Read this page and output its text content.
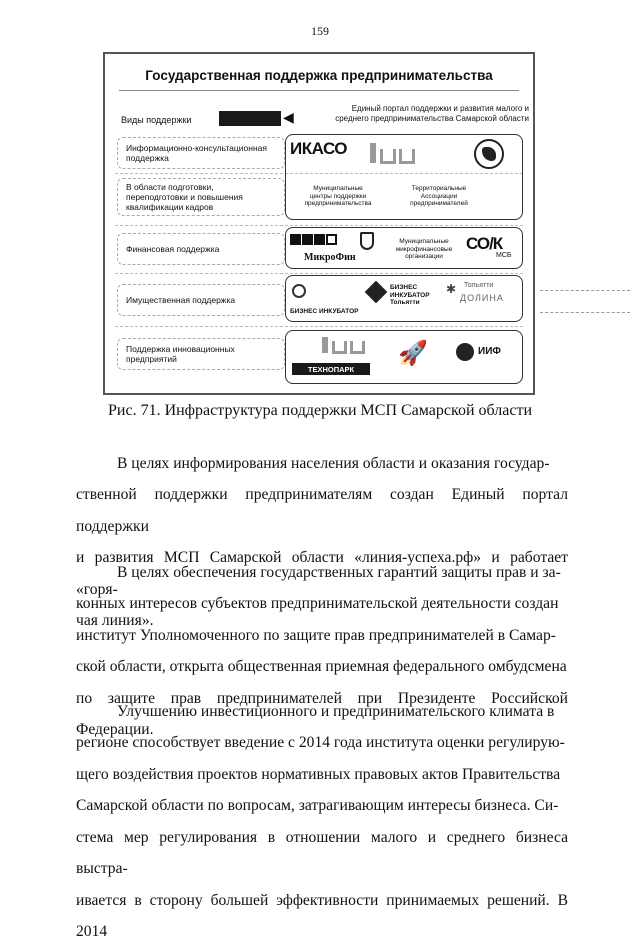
159
Государственная поддержка предпринимательства
Виды поддержки	◀
Единый портал поддержки и развития малого и
среднего предпринимательства Самарской области
Информационно-консультационная поддержка
В области подготовки, переподготовки и повышения квалификации кадров
ИКАСО
Муниципальные центры поддержки предпринимательства
Территориальные Ассоциации предпринимателей
Финансовая поддержка
МикроФин
Муниципальные микрофинансовые организации
СО/К
МСБ
Имущественная поддержка
БИЗНЕС ИНКУБАТОР
БИЗНЕС ИНКУБАТОР Тольятти
✱ Тольятти
ДОЛИНА
Поддержка инновационных предприятий
ТЕХНОПАРК
🚀	ИИФ
Рис. 71. Инфраструктура поддержки МСП Самарской области
В целях информирования населения области и оказания государ-
ственной поддержки предпринимателям создан Единый портал поддержки
и развития МСП Самарской области «линия-успеха.рф» и работает «горя-
чая линия».
В целях обеспечения государственных гарантий защиты прав и за-
конных интересов субъектов предпринимательской деятельности создан
институт Уполномоченного по защите прав предпринимателей в Самар-
ской области, открыта общественная приемная федерального омбудсмена
по защите прав предпринимателей при Президенте Российской Федерации.
Улучшению инвестиционного и предпринимательского климата в
регионе способствует введение с 2014 года института оценки регулирую-
щего воздействия проектов нормативных правовых актов Правительства
Самарской области по вопросам, затрагивающим интересы бизнеса. Си-
стема мер регулирования в отношении малого и среднего бизнеса выстра-
ивается в сторону большей эффективности принимаемых решений. В 2014
